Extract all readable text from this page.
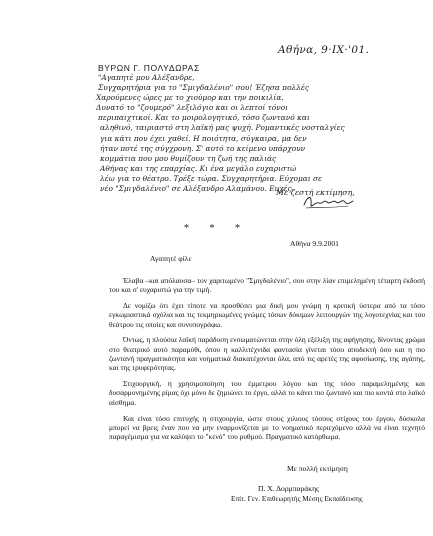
Αθήνα, 9·IX·'01.
ΒΥΡΩΝ Γ. ΠΟΛΥΔΩΡΑΣ
"Αγαπητέ μου Αλέξανδρε,
Συγχαρητήρια για το "Σμιγδαλένιο" σου! Έζησα πολλές
Χαρούμενες ώρες με το χιούμορ και την ποικιλία.
Δυνατό το "ζουμερό" λεξιλόγιο και οι λεπτοί τόνοι
περιπαιχτικοί. Και το μοιρολογητικό, τόσο ζωντανό και
αληθινό, ταιριαστό στη λαϊκή μας ψυχή. Ρομαντικές νοσταλγίες
για κάτι που έχει χαθεί. Η ποιότητα, σύγκαιρα, μα δεν
ήταν ποτέ της σύγχρονη. Σ' αυτό το κείμενο υπάρχουν
κομμάτια που μου θυμίζουν τη ζωή της παλιάς
Αθήνας και της επαρχίας. Κι ένα μεγάλο ευχαριστώ
λέω για το θέατρο. Τρέξε τώρα. Συγχαρητήρια. Εύχομαι σε
νέο "Σμιγδαλένιο" σε Αλέξανδρο Αλαμάνου. Ευχές.
Με ζεστή εκτίμηση,
* * *
Αθήνα 9.9.2001
Αγαπητέ φίλε

Έλαβα –και απόλαυσα– τον χαριτωμένο "Σμιγδαλένιο", σου στην λίαν επιμελημένη τέταρτη έκδοσή του και σ' ευχαριστώ για την τιμή.

Δε νομίζω ότι έχει τίποτε να προσθέσει μια δική μου γνώμη η κριτική ύστερα από τα τόσο εγκωμιαστικά σχόλια και τις τεκμηριωμένες γνώμες τόσων δόκιμων λειτουργών της λογοτεχνίας και του θεάτρου τις οποίες και συνυπογράφω.

Όντως, η πλούσια λαϊκή παράδοση ενσωματώνεται στην όλη εξέλιξη της αφήγησης, δίνοντας χρώμα στο θεατρικό αυτό παραμύθι, όπου η καλλιτέχνιδα φαντασία γίνεται τόσο αποδεκτή όσο και η πιο ζωντανή πραγματικότητα και νοηματικά διακατέχονται όλα, από τις αρετές της αφοσίωσης, της αγάπης, και της τρυφερότητας.

Στιχουργική, η χρησιμοποίηση του έμμετρου λόγου και της τόσο παραμελημένης και δυσαρμονημένης ρίμας όχι μόνο δε ζημιώνει το έργο, αλλά το κάνει πιο ζωντανό και πιο κοντά στο λαϊκό αίσθημα.

Και είναι τόσο επιτυχής η στιχουργία, ώστε στους χιλιους τόσους στίχους του έργου, δύσκολα μπορεί να βρεις έναν που να μην εναρμονίζεται με το νοηματικό περιεχόμενο αλλά να είναι τεχνητό παραγέμισμα για να καλύψει το "κενό" του ρυθμού. Πραγματικό κατόρθωμα.

Με πολλή εκτίμηση
Π. Χ. Δορμπαράκης
Επίτ. Γεν. Επιθεωρητής Μέσης Εκπαίδευσης
